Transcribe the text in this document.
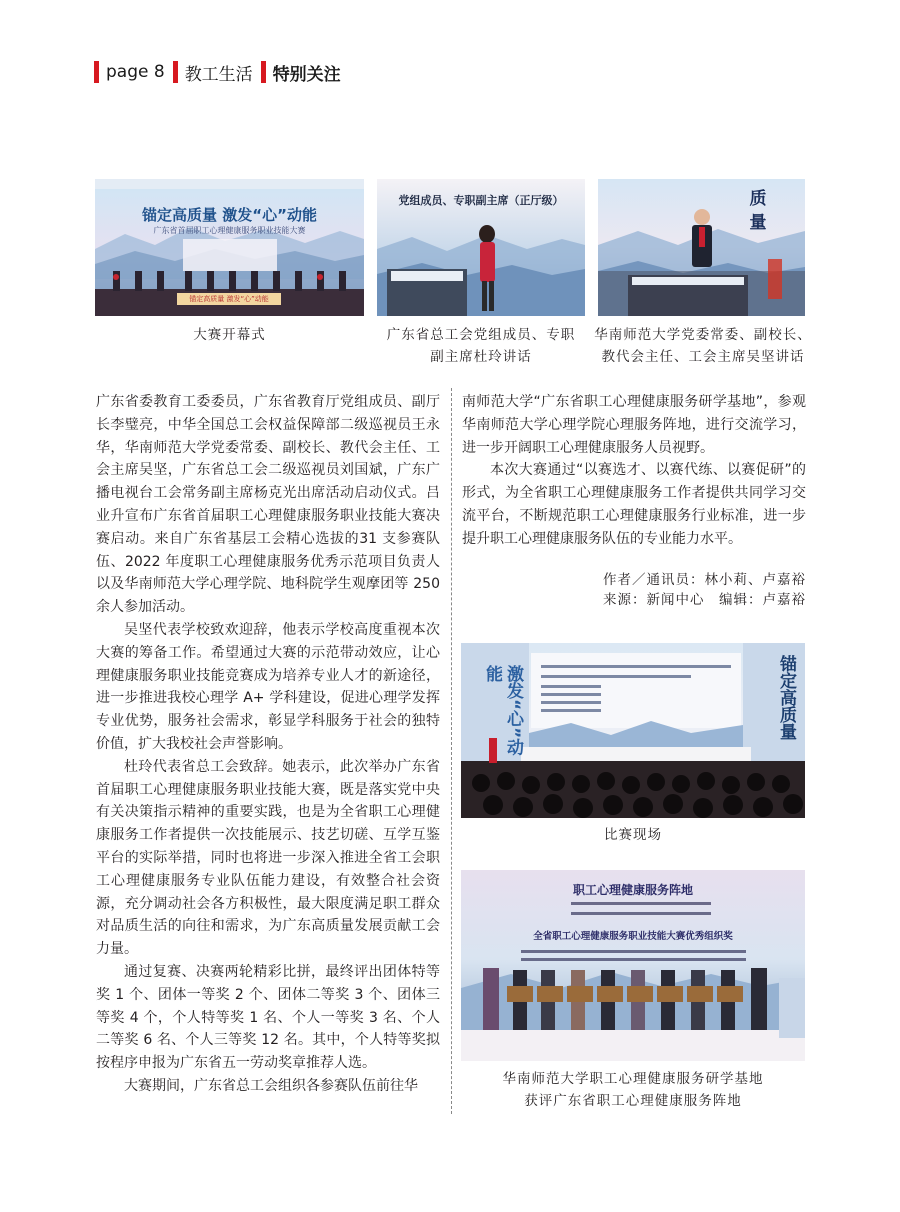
page 8 教工生活 特别关注
锚定高质量 激发“心”动能
广东省首届职工心理健康服务职业技能大赛
锚定高质量 激发“心”动能
大赛开幕式
党组成员、专职副主席（正厅级）
广东省总工会党组成员、专职
副主席杜玲讲话
质 量
华南师范大学党委常委、副校长、
教代会主任、工会主席吴坚讲话

广东省委教育工委委员，广东省教育厅党组成员、副厅长李璧亮，中华全国总工会权益保障部二级巡视员王永华，华南师范大学党委常委、副校长、教代会主任、工会主席吴坚，广东省总工会二级巡视员刘国斌，广东广播电视台工会常务副主席杨克光出席活动启动仪式。吕业升宣布广东省首届职工心理健康服务职业技能大赛决赛启动。来自广东省基层工会精心选拔的31 支参赛队伍、2022 年度职工心理健康服务优秀示范项目负责人以及华南师范大学心理学院、地科院学生观摩团等 250 余人参加活动。

吴坚代表学校致欢迎辞，他表示学校高度重视本次大赛的筹备工作。希望通过大赛的示范带动效应，让心理健康服务职业技能竞赛成为培养专业人才的新途径，进一步推进我校心理学 A+ 学科建设，促进心理学发挥专业优势，服务社会需求，彰显学科服务于社会的独特价值，扩大我校社会声誉影响。

杜玲代表省总工会致辞。她表示，此次举办广东省首届职工心理健康服务职业技能大赛，既是落实党中央有关决策指示精神的重要实践，也是为全省职工心理健康服务工作者提供一次技能展示、技艺切磋、互学互鉴平台的实际举措，同时也将进一步深入推进全省工会职工心理健康服务专业队伍能力建设，有效整合社会资源，充分调动社会各方积极性，最大限度满足职工群众对品质生活的向往和需求，为广东高质量发展贡献工会力量。

通过复赛、决赛两轮精彩比拼，最终评出团体特等奖 1 个、团体一等奖 2 个、团体二等奖 3 个、团体三等奖 4 个，个人特等奖 1 名、个人一等奖 3 名、个人二等奖 6 名、个人三等奖 12 名。其中，个人特等奖拟按程序申报为广东省五一劳动奖章推荐人选。

大赛期间，广东省总工会组织各参赛队伍前往华

南师范大学“广东省职工心理健康服务研学基地”，参观华南师范大学心理学院心理服务阵地，进行交流学习，进一步开阔职工心理健康服务人员视野。

本次大赛通过“以赛选才、以赛代练、以赛促研”的形式，为全省职工心理健康服务工作者提供共同学习交流平台，不断规范职工心理健康服务行业标准，进一步提升职工心理健康服务队伍的专业能力水平。

作者／通讯员：林小莉、卢嘉裕
来源：新闻中心　编辑：卢嘉裕
激发“心”动能	锚定高质量
比赛现场
职工心理健康服务阵地
全省职工心理健康服务职业技能大赛优秀组织奖
华南师范大学职工心理健康服务研学基地
获评广东省职工心理健康服务阵地
